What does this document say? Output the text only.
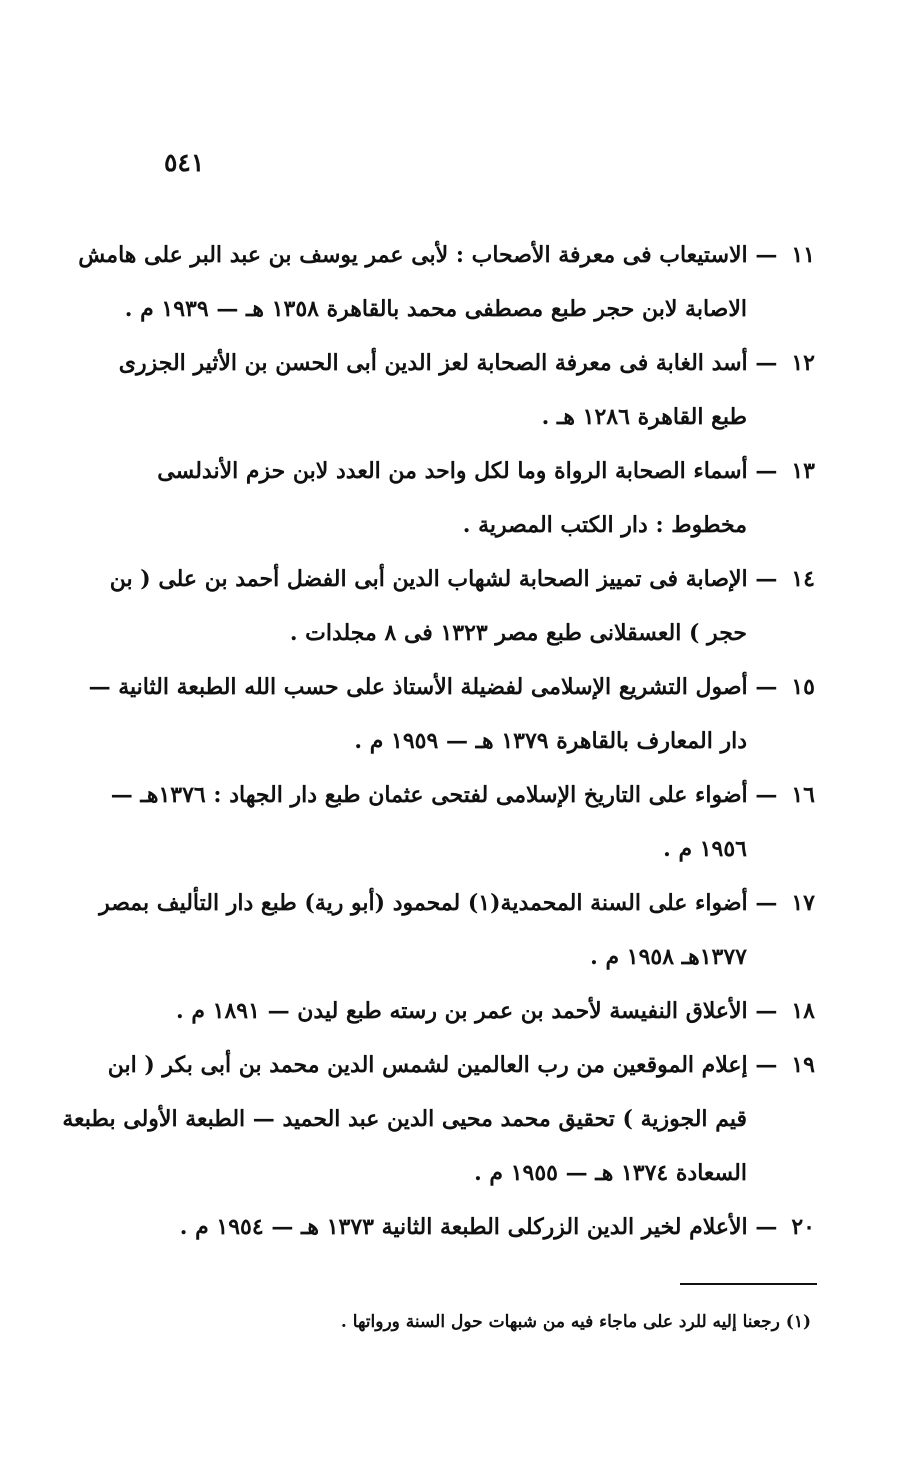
٥٤١
١١ — الاستيعاب فى معرفة الأصحاب : لأبى عمر يوسف بن عبد البر على هامش
الاصابة لابن حجر طبع مصطفى محمد بالقاهرة ١٣٥٨ هـ — ١٩٣٩ م .
١٢ — أسد الغابة فى معرفة الصحابة لعز الدين أبى الحسن بن الأثير الجزرى
طبع القاهرة ١٢٨٦ هـ .
١٣ — أسماء الصحابة الرواة وما لكل واحد من العدد لابن حزم الأندلسى
مخطوط : دار الكتب المصرية .
١٤ — الإصابة فى تمييز الصحابة لشهاب الدين أبى الفضل أحمد بن على ( بن
حجر ) العسقلانى طبع مصر ١٣٢٣ فى ٨ مجلدات .
١٥ — أصول التشريع الإسلامى لفضيلة الأستاذ على حسب الله الطبعة الثانية —
دار المعارف بالقاهرة ١٣٧٩ هـ — ١٩٥٩ م .
١٦ — أضواء على التاريخ الإسلامى لفتحى عثمان طبع دار الجهاد : ١٣٧٦هـ —
١٩٥٦ م .
١٧ — أضواء على السنة المحمدية(١) لمحمود (أبو رية) طبع دار التأليف بمصر
١٣٧٧هـ ١٩٥٨ م .
١٨ — الأعلاق النفيسة لأحمد بن عمر بن رسته طبع ليدن — ١٨٩١ م .
١٩ — إعلام الموقعين من رب العالمين لشمس الدين محمد بن أبى بكر ( ابن
قيم الجوزية ) تحقيق محمد محيى الدين عبد الحميد — الطبعة الأولى بطبعة
السعادة ١٣٧٤ هـ — ١٩٥٥ م .
٢٠ — الأعلام لخير الدين الزركلى الطبعة الثانية ١٣٧٣ هـ — ١٩٥٤ م .
(١) رجعنا إليه للرد على ماجاء فيه من شبهات حول السنة ورواتها .
